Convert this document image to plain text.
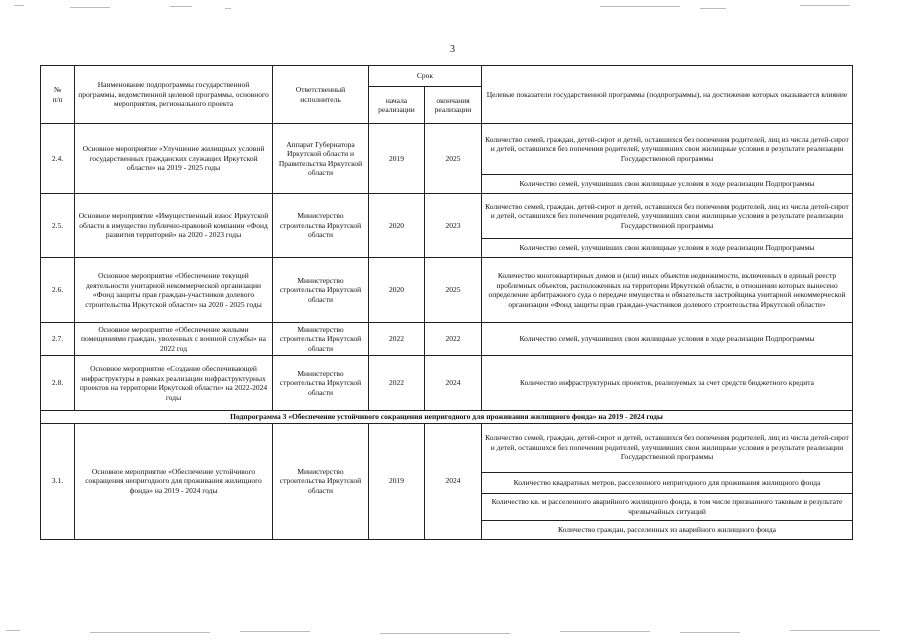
3
№
п/п	Наименование подпрограммы государственной программы, ведомственной целевой программы, основного мероприятия, регионального проекта	Ответственный исполнитель	Срок		Целевые показатели государственной программы (подпрограммы), на достижение которых оказывается влияние
			начала реализации	окончания реализации	
2.4.	Основное мероприятие «Улучшение жилищных условий государственных гражданских служащих Иркутской области» на 2019 - 2025 годы	Аппарат Губернатора Иркутской области и Правительства Иркутской области	2019	2025	Количество семей, граждан, детей-сирот и детей, оставшихся без попечения родителей, лиц из числа детей-сирот и детей, оставшихся без попечения родителей, улучшивших свои жилищные условия в результате реализации Государственной программы
					Количество семей, улучшивших свои жилищные условия в ходе реализации Подпрограммы
2.5.	Основное мероприятие «Имущественный взнос Иркутской области в имущество публично-правовой компании «Фонд развития территорий» на 2020 - 2023 годы	Министерство строительства Иркутской области	2020	2023	Количество семей, граждан, детей-сирот и детей, оставшихся без попечения родителей, лиц из числа детей-сирот и детей, оставшихся без попечения родителей, улучшивших свои жилищные условия в результате реализации Государственной программы
					Количество семей, улучшивших свои жилищные условия в ходе реализации Подпрограммы
2.6.	Основное мероприятие «Обеспечение текущей деятельности унитарной некоммерческой организации «Фонд защиты прав граждан-участников долевого строительства Иркутской области» на 2020 - 2025 годы	Министерство строительства Иркутской области	2020	2025	Количество многоквартирных домов и (или) иных объектов недвижимости, включенных в единый реестр проблемных объектов, расположенных на территории Иркутской области, в отношении которых вынесено определение арбитражного суда о передаче имущества и обязательств застройщика унитарной некоммерческой организации «Фонд защиты прав граждан-участников долевого строительства Иркутской области»
2.7.	Основное мероприятие «Обеспечение жилыми помещениями граждан, уволенных с военной службы» на 2022 год	Министерство строительства Иркутской области	2022	2022	Количество семей, улучшивших свои жилищные условия в ходе реализации Подпрограммы
2.8.	Основное мероприятие «Создание обеспечивающей инфраструктуры в рамках реализации инфраструктурных проектов на территории Иркутской области» на 2022-2024 годы	Министерство строительства Иркутской области	2022	2024	Количество инфраструктурных проектов, реализуемых за счет средств бюджетного кредита
Подпрограмма 3 «Обеспечение устойчивого сокращения непригодного для проживания жилищного фонда» на 2019 - 2024 годы					
3.1.	Основное мероприятие «Обеспечение устойчивого сокращения непригодного для проживания жилищного фонда» на 2019 - 2024 годы	Министерство строительства Иркутской области	2019	2024	Количество семей, граждан, детей-сирот и детей, оставшихся без попечения родителей, лиц из числа детей-сирот и детей, оставшихся без попечения родителей, улучшивших свои жилищные условия в результате реализации Государственной программы
					Количество квадратных метров, расселенного непригодного для проживания жилищного фонда
					Количество кв. м расселенного аварийного жилищного фонда, в том числе признанного таковым в результате чрезвычайных ситуаций
					Количество граждан, расселенных из аварийного жилищного фонда
